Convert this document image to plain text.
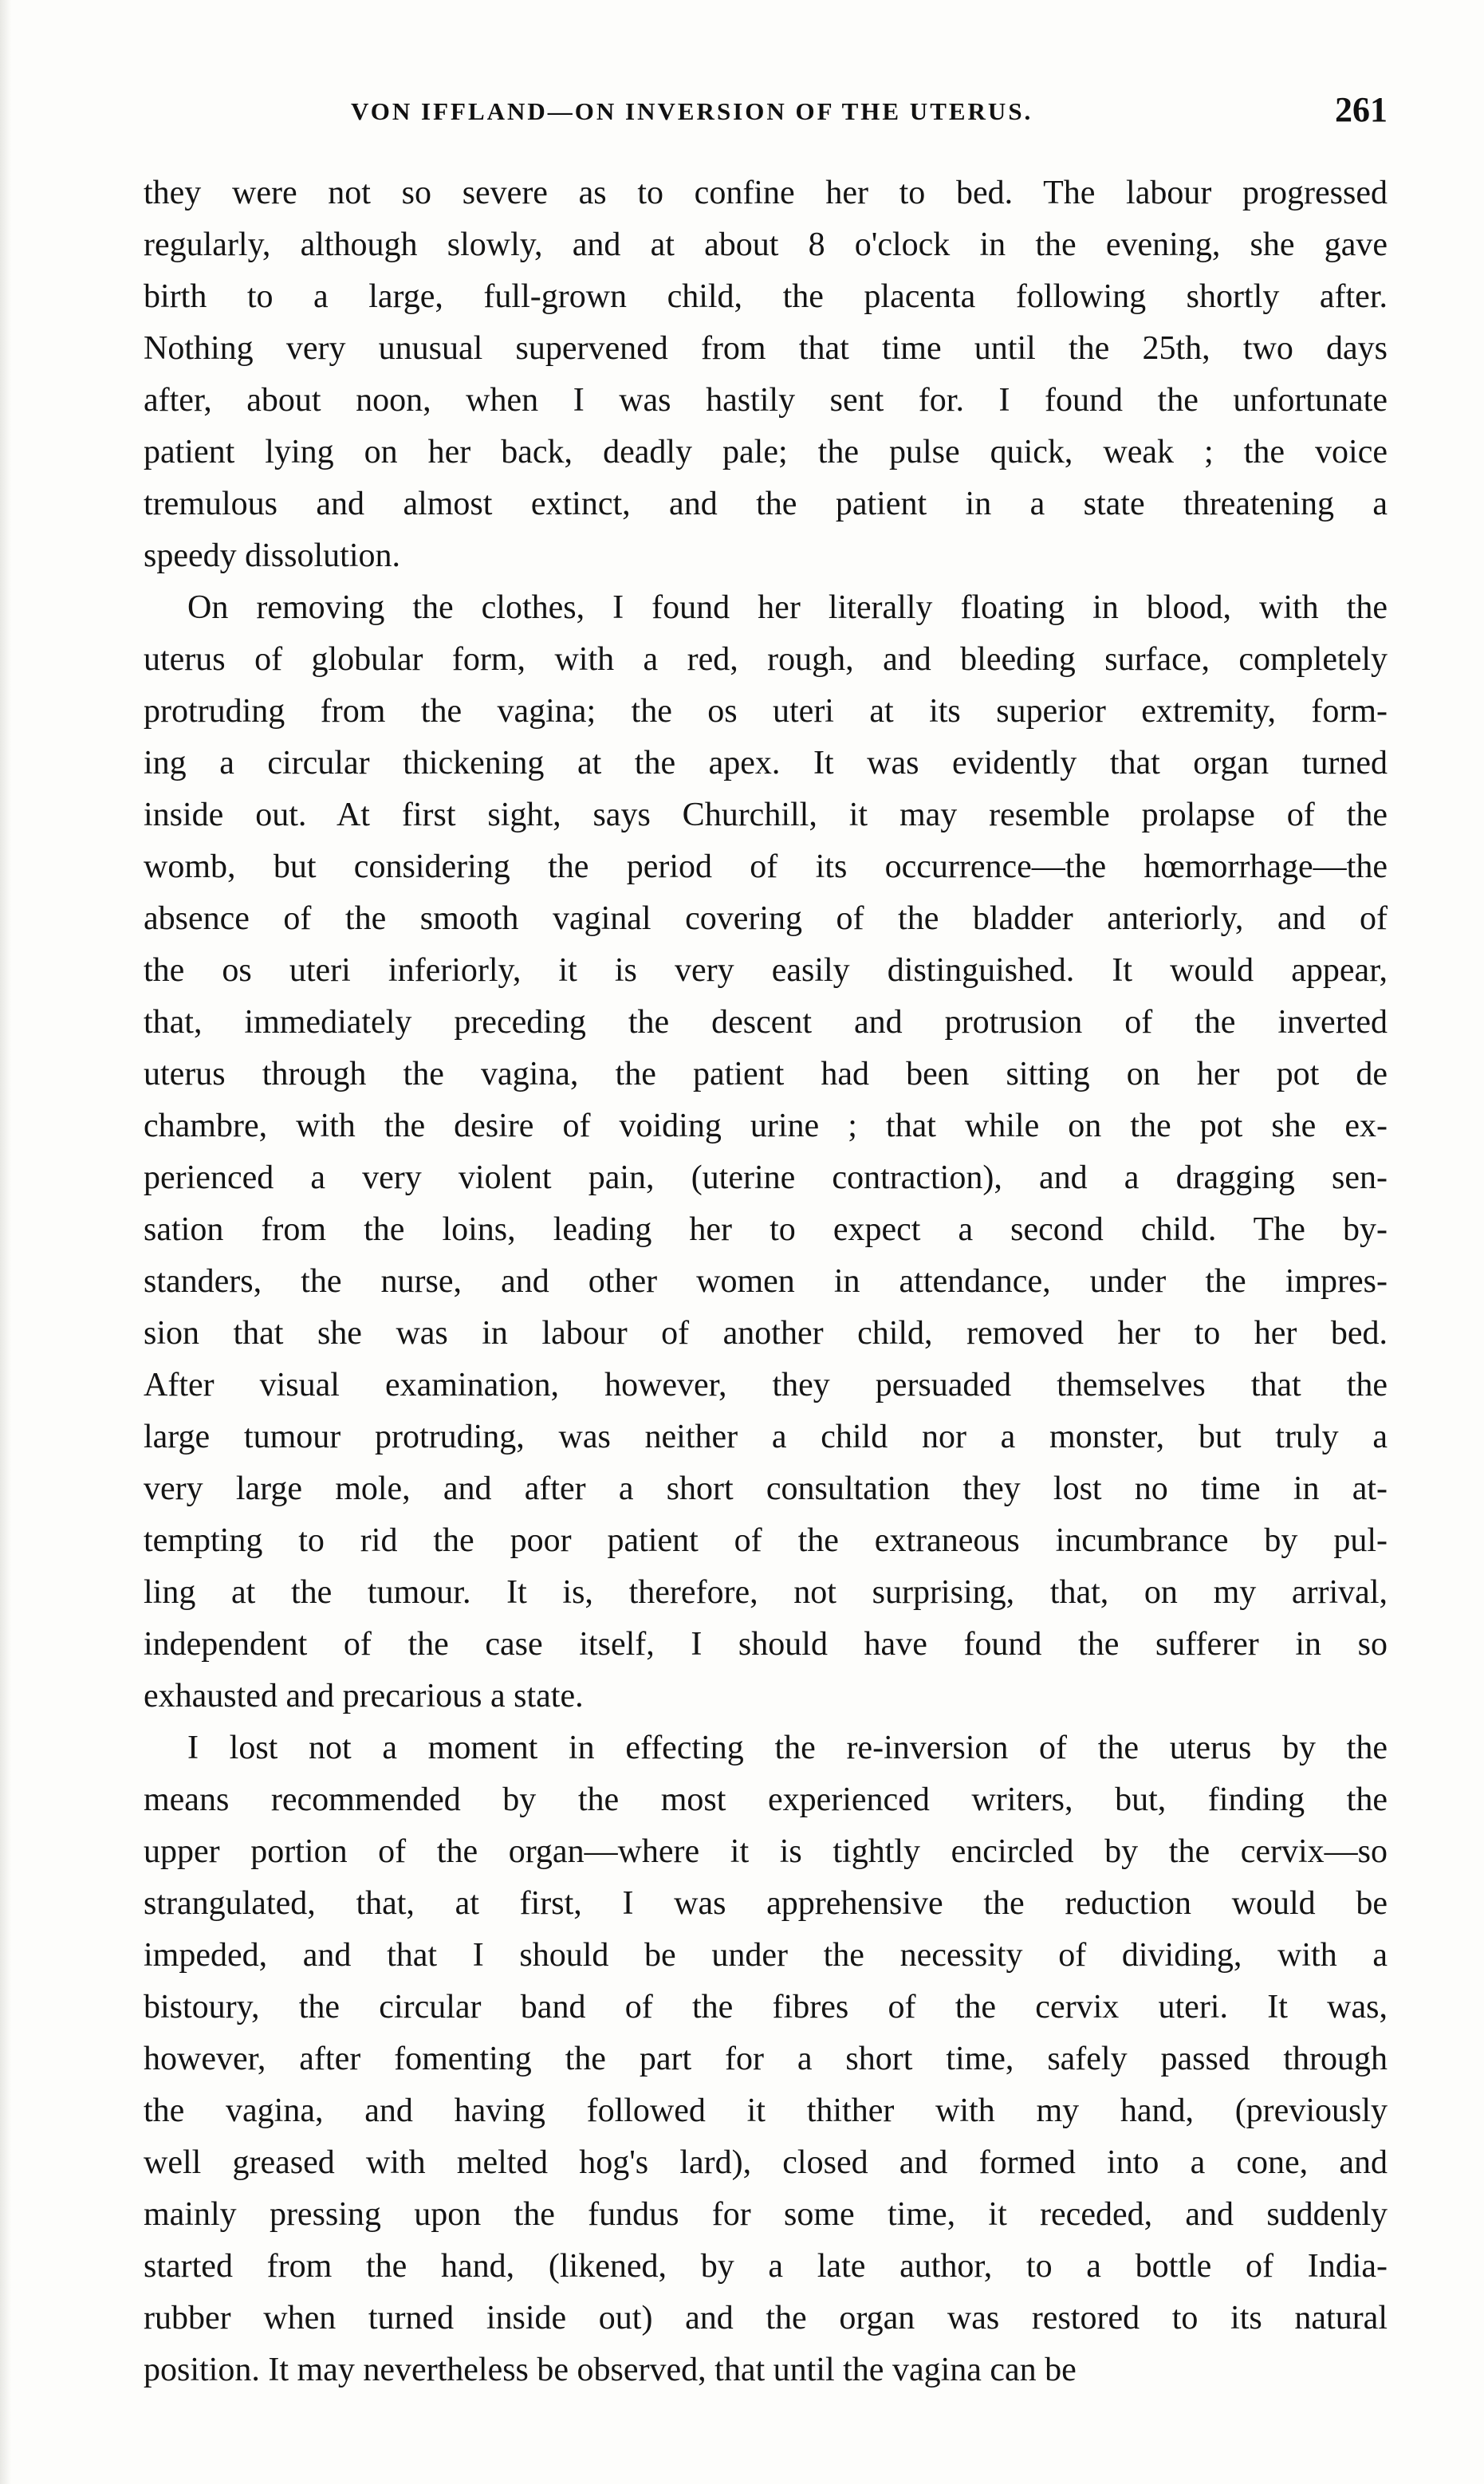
VON IFFLAND—ON INVERSION OF THE UTERUS.	261
they were not so severe as to confine her to bed. The labour progressed
regularly, although slowly, and at about 8 o'clock in the evening, she gave
birth to a large, full-grown child, the placenta following shortly after.
Nothing very unusual supervened from that time until the 25th, two days
after, about noon, when I was hastily sent for. I found the unfortunate
patient lying on her back, deadly pale; the pulse quick, weak ; the voice
tremulous and almost extinct, and the patient in a state threatening a
speedy dissolution.
On removing the clothes, I found her literally floating in blood, with the
uterus of globular form, with a red, rough, and bleeding surface, completely
protruding from the vagina; the os uteri at its superior extremity, form-
ing a circular thickening at the apex. It was evidently that organ turned
inside out. At first sight, says Churchill, it may resemble prolapse of the
womb, but considering the period of its occurrence—the hœmorrhage—the
absence of the smooth vaginal covering of the bladder anteriorly, and of
the os uteri inferiorly, it is very easily distinguished. It would appear,
that, immediately preceding the descent and protrusion of the inverted
uterus through the vagina, the patient had been sitting on her pot de
chambre, with the desire of voiding urine ; that while on the pot she ex-
perienced a very violent pain, (uterine contraction), and a dragging sen-
sation from the loins, leading her to expect a second child. The by-
standers, the nurse, and other women in attendance, under the impres-
sion that she was in labour of another child, removed her to her bed.
After visual examination, however, they persuaded themselves that the
large tumour protruding, was neither a child nor a monster, but truly a
very large mole, and after a short consultation they lost no time in at-
tempting to rid the poor patient of the extraneous incumbrance by pul-
ling at the tumour. It is, therefore, not surprising, that, on my arrival,
independent of the case itself, I should have found the sufferer in so
exhausted and precarious a state.
I lost not a moment in effecting the re-inversion of the uterus by the
means recommended by the most experienced writers, but, finding the
upper portion of the organ—where it is tightly encircled by the cervix—so
strangulated, that, at first, I was apprehensive the reduction would be
impeded, and that I should be under the necessity of dividing, with a
bistoury, the circular band of the fibres of the cervix uteri. It was,
however, after fomenting the part for a short time, safely passed through
the vagina, and having followed it thither with my hand, (previously
well greased with melted hog's lard), closed and formed into a cone, and
mainly pressing upon the fundus for some time, it receded, and suddenly
started from the hand, (likened, by a late author, to a bottle of India-
rubber when turned inside out) and the organ was restored to its natural
position. It may nevertheless be observed, that until the vagina can be
